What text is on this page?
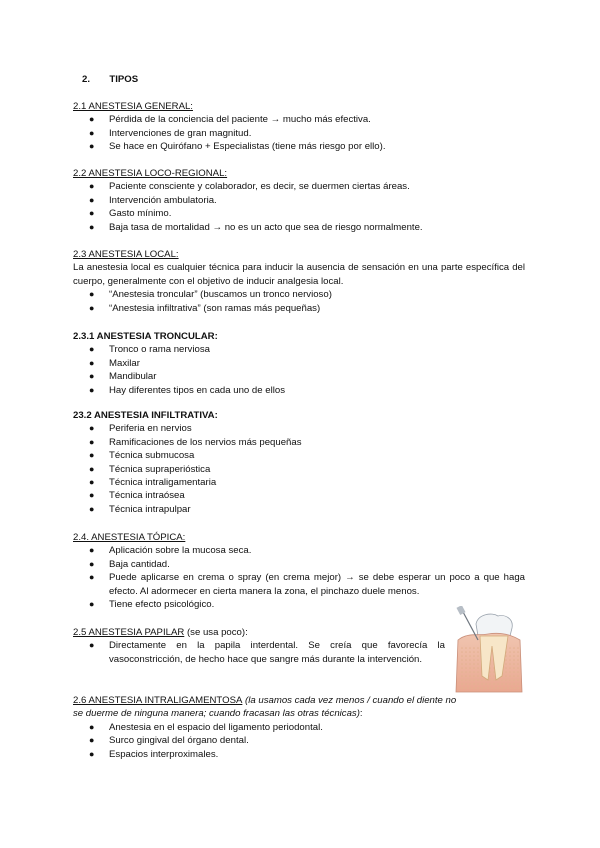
2. TIPOS
2.1 ANESTESIA GENERAL:
● Pérdida de la conciencia del paciente → mucho más efectiva.
● Intervenciones de gran magnitud.
● Se hace en Quirófano + Especialistas (tiene más riesgo por ello).
2.2 ANESTESIA LOCO-REGIONAL:
● Paciente consciente y colaborador, es decir, se duermen ciertas áreas.
● Intervención ambulatoria.
● Gasto mínimo.
● Baja tasa de mortalidad → no es un acto que sea de riesgo normalmente.
2.3 ANESTESIA LOCAL:

La anestesia local es cualquier técnica para inducir la ausencia de sensación en una parte específica del cuerpo, generalmente con el objetivo de inducir analgesia local.

● “Anestesia troncular” (buscamos un tronco nervioso)
● “Anestesia infiltrativa” (son ramas más pequeñas)
2.3.1 ANESTESIA TRONCULAR:
● Tronco o rama nerviosa
● Maxilar
● Mandibular
● Hay diferentes tipos en cada uno de ellos
23.2 ANESTESIA INFILTRATIVA:
● Periferia en nervios
● Ramificaciones de los nervios más pequeñas
● Técnica submucosa
● Técnica supraperióstica
● Técnica intraligamentaria
● Técnica intraósea
● Técnica intrapulpar
2.4. ANESTESIA TÓPICA:
● Aplicación sobre la mucosa seca.
● Baja cantidad.
● Puede aplicarse en crema o spray (en crema mejor) → se debe esperar un poco a que haga efecto. Al adormecer en cierta manera la zona, el pinchazo duele menos.
● Tiene efecto psicológico.
2.5 ANESTESIA PAPILAR (se usa poco):
● Directamente en la papila interdental. Se creía que favorecía la vasoconstricción, de hecho hace que sangre más durante la intervención.
2.6 ANESTESIA INTRALIGAMENTOSA (la usamos cada vez menos / cuando el diente no se duerme de ninguna manera; cuando fracasan las otras técnicas):
● Anestesia en el espacio del ligamento periodontal.
● Surco gingival del órgano dental.
● Espacios interproximales.
